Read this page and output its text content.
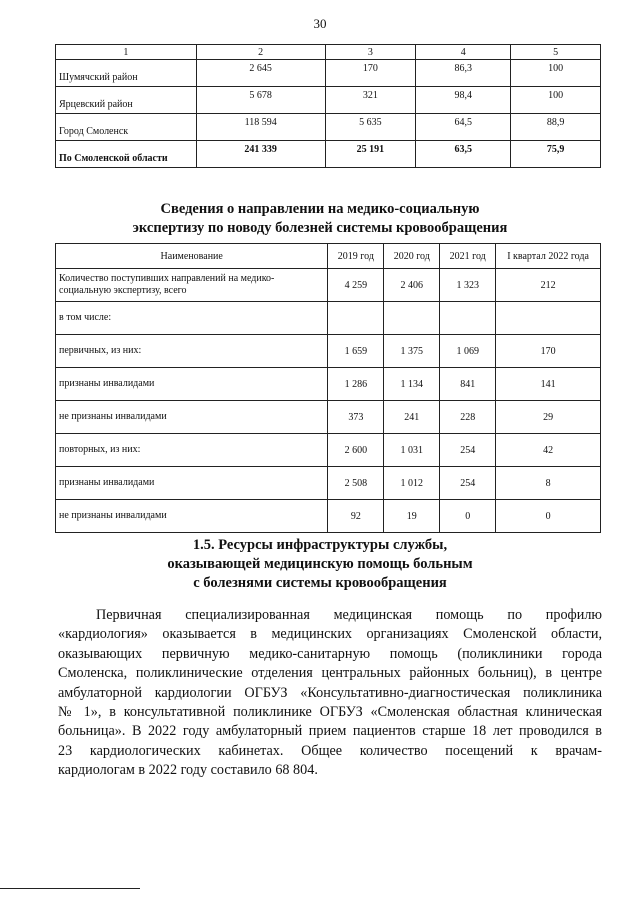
30
1	2	3	4	5
Шумячский район	2 645	170	86,3	100
Ярцевский район	5 678	321	98,4	100
Город Смоленск	118 594	5 635	64,5	88,9
По Смоленской области	241 339	25 191	63,5	75,9
Сведения о направлении на медико-социальную
экспертизу по новоду болезней системы кровообращения
Наименование	2019 год	2020 год	2021 год	I квартал 2022 года
Количество поступивших направлений на медико-социальную экспертизу, всего	4 259	2 406	1 323	212
в том числе:				
первичных, из них:	1 659	1 375	1 069	170
признаны инвалидами	1 286	1 134	841	141
не признаны инвалидами	373	241	228	29
повторных, из них:	2 600	1 031	254	42
признаны инвалидами	2 508	1 012	254	8
не признаны инвалидами	92	19	0	0
1.5. Ресурсы инфраструктуры службы,
оказывающей медицинскую помощь больным
с болезнями системы кровообращения
Первичная специализированная медицинская помощь по профилю
«кардиология» оказывается в медицинских организациях Смоленской области,
оказывающих первичную медико-санитарную помощь (поликлиники города
Смоленска, поликлинические отделения центральных районных больниц), в центре
амбулаторной кардиологии ОГБУЗ «Консультативно-диагностическая поликлиника
№ 1», в консультативной поликлинике ОГБУЗ «Смоленская областная клиническая
больница». В 2022 году амбулаторный прием пациентов старше 18 лет проводился в
23 кардиологических кабинетах. Общее количество посещений к врачам-
кардиологам в 2022 году составило 68 804.
